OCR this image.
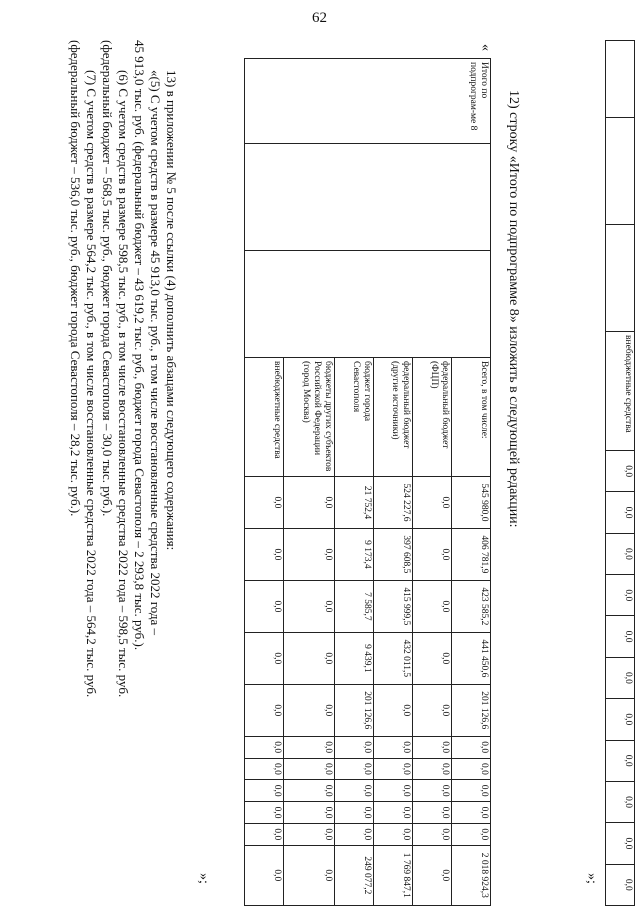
62
			внебюджетные средства	0,0	0,0	0,0	0,0	0,0	0,0	0,0	0,0	0,0	0,0	0,0
»;
12) строку «Итого по подпрограмме 8» изложить в следующей редакции:
«
Итого по подпрограм-ме 8			Всего, в том числе:	545 980,0	406 781,9	423 585,2	441 450,6	201 126,6	0,0	0,0	0,0	0,0	0,0	2 018 924,3
			федеральный бюджет (ФЦП)	0,0	0,0	0,0	0,0	0,0	0,0	0,0	0,0	0,0	0,0	0,0
			федеральный бюджет (другие источники)	524 227,6	397 608,5	415 999,5	432 011,5	0,0	0,0	0,0	0,0	0,0	0,0	1 769 847,1
			бюджет города Севастополя	21 752,4	9 173,4	7 585,7	9 439,1	201 126,6	0,0	0,0	0,0	0,0	0,0	249 077,2
			бюджеты других субъектов Российской Федерации (город Москва)	0,0	0,0	0,0	0,0	0,0	0,0	0,0	0,0	0,0	0,0	0,0
			внебюджетные средства	0,0	0,0	0,0	0,0	0,0	0,0	0,0	0,0	0,0	0,0	0,0
»;
13) в приложении № 5 после ссылки (4) дополнить абзацами следующего содержания:
«(5) С учетом средств в размере 45 913,0 тыс. руб., в том числе восстановленные средства 2022 года –
45 913,0 тыс. руб. (федеральный бюджет – 43 619,2 тыс. руб., бюджет города Севастополя – 2 293,8 тыс. руб.).
(6) С учетом средств в размере 598,5 тыс. руб., в том числе восстановленные средства 2022 года – 598,5 тыс. руб.
(федеральный бюджет – 568,5 тыс. руб., бюджет города Севастополя – 30,0 тыс. руб.).
(7) С учетом средств в размере 564,2 тыс. руб., в том числе восстановленные средства 2022 года – 564,2 тыс. руб.
(федеральный бюджет – 536,0 тыс. руб., бюджет города Севастополя – 28,2 тыс. руб.).
